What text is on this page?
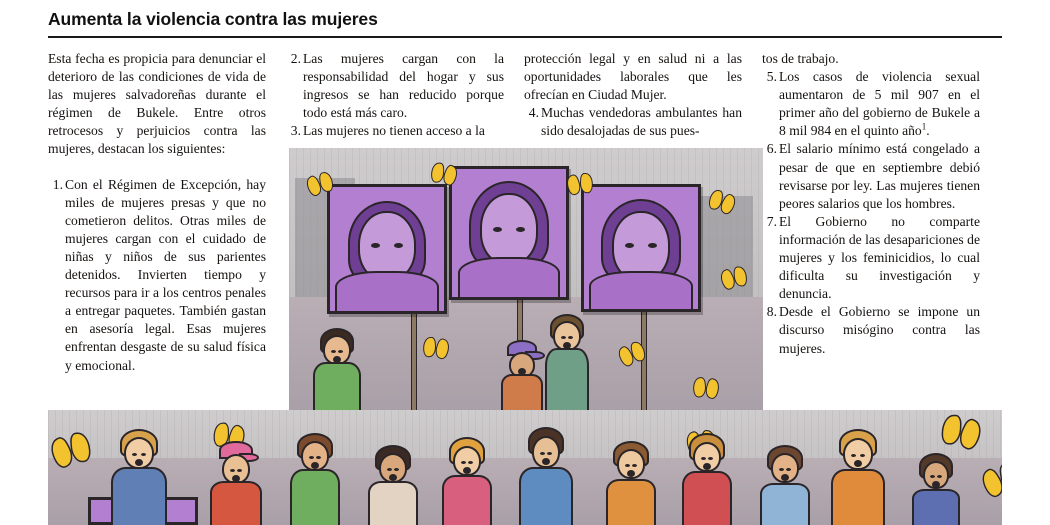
Aumenta la violencia contra las mujeres

Esta fecha es propicia para denunciar el deterioro de las condiciones de vida de las mujeres salvadoreñas durante el régimen de Bukele. Entre otros retrocesos y perjuicios contra las mujeres, destacan los siguientes:

1. Con el Régimen de Excepción, hay miles de mujeres presas y que no cometieron delitos. Otras miles de mujeres cargan con el cuidado de niñas y niños de sus parientes detenidos. Invierten tiempo y recursos para ir a los centros penales a entregar paquetes. También gastan en asesoría legal. Esas mujeres enfrentan desgaste de su salud física y emocional.
2. Las mujeres cargan con la responsabilidad del hogar y sus ingresos se han reducido porque todo está más caro.
3. Las mujeres no tienen acceso a la

protección legal y en salud ni a las oportunidades laborales que les ofrecían en Ciudad Mujer.

4. Muchas vendedoras ambulantes han sido desalojadas de sus pues-

tos de trabajo.

5. Los casos de violencia sexual aumentaron de 5 mil 907 en el primer año del gobierno de Bukele a 8 mil 984 en el quinto año$^1$.
6. El salario mínimo está congelado a pesar de que en septiembre debió revisarse por ley. Las mujeres tienen peores salarios que los hombres.
7. El Gobierno no comparte información de las desapariciones de mujeres y los feminicidios, lo cual dificulta su investigación y denuncia.
8. Desde el Gobierno se impone un discurso misógino contra las mujeres.
